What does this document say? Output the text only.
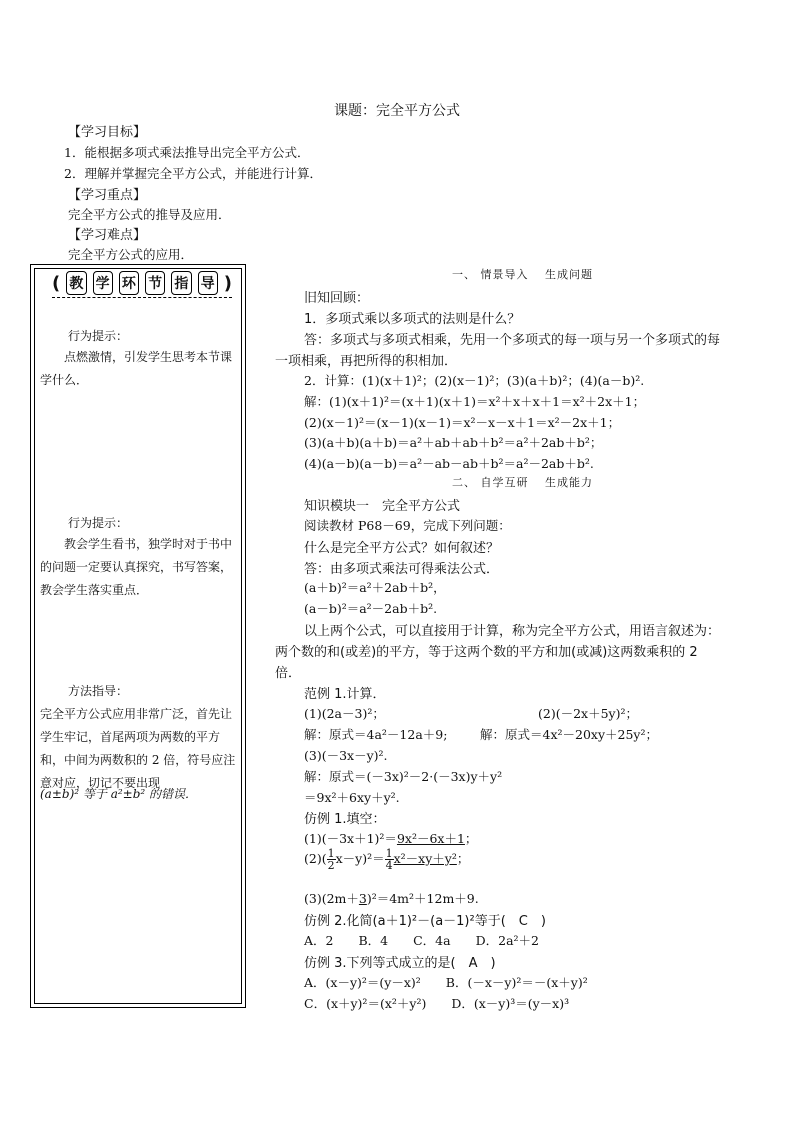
课题：完全平方公式
【学习目标】
1．能根据多项式乘法推导出完全平方公式．
2．理解并掌握完全平方公式，并能进行计算．
【学习重点】
完全平方公式的推导及应用．
【学习难点】
完全平方公式的应用．
( 教 学 环 节 指 导 )
行为提示：
点燃激情，引发学生思考本节课学什么．
行为提示：
教会学生看书，独学时对于书中的问题一定要认真探究，书写答案，教会学生落实重点．
方法指导：
完全平方公式应用非常广泛，首先让学生牢记，首尾两项为两数的平方和，中间为两数积的 2 倍，符号应注意对应，切记不要出现
(a±b)² 等于 a²±b² 的错误．
一、 情景导入　 生成问题
旧知回顾：
1．多项式乘以多项式的法则是什么？
答：多项式与多项式相乘，先用一个多项式的每一项与另一个多项式的每
一项相乘，再把所得的积相加．
2．计算：(1)(x＋1)²；(2)(x－1)²；(3)(a＋b)²；(4)(a－b)².
解：(1)(x＋1)²＝(x＋1)(x＋1)＝x²＋x＋x＋1＝x²＋2x＋1；
(2)(x－1)²＝(x－1)(x－1)＝x²－x－x＋1＝x²－2x＋1；
(3)(a＋b)(a＋b)＝a²＋ab＋ab＋b²＝a²＋2ab＋b²；
(4)(a－b)(a－b)＝a²－ab－ab＋b²＝a²－2ab＋b².
二、 自学互研　 生成能力
知识模块一　完全平方公式
阅读教材 P68－69，完成下列问题：
什么是完全平方公式？如何叙述？
答：由多项式乘法可得乘法公式．
(a＋b)²＝a²＋2ab＋b²，
(a－b)²＝a²－2ab＋b².
以上两个公式，可以直接用于计算，称为完全平方公式，用语言叙述为：
两个数的和(或差)的平方，等于这两个数的平方和加(或减)这两数乘积的 2
倍．
范例 1.计算．
(1)(2a－3)²；	(2)(－2x＋5y)²；
解：原式＝4a²－12a＋9;	解：原式＝4x²－20xy＋25y²；
(3)(－3x－y)².
解：原式＝(－3x)²－2·(－3x)y＋y²
＝9x²＋6xy＋y².
仿例 1.填空：
(1)(－3x＋1)²＝9x²－6x＋1；
$(2)( \frac{1}{2} x-y)^2= \frac{1}{4} x^2-xy+y^2$；
(3)(2m＋3)²＝4m²＋12m＋9.
仿例 2.化简(a＋1)²－(a－1)²等于(　C　)
A．2　　B．4　　C．4a　　D．2a²＋2
仿例 3.下列等式成立的是(　A　)
A．(x－y)²＝(y－x)²　　B．(－x－y)²＝－(x＋y)²
C．(x＋y)²＝(x²＋y²)　　D．(x－y)³＝(y－x)³
